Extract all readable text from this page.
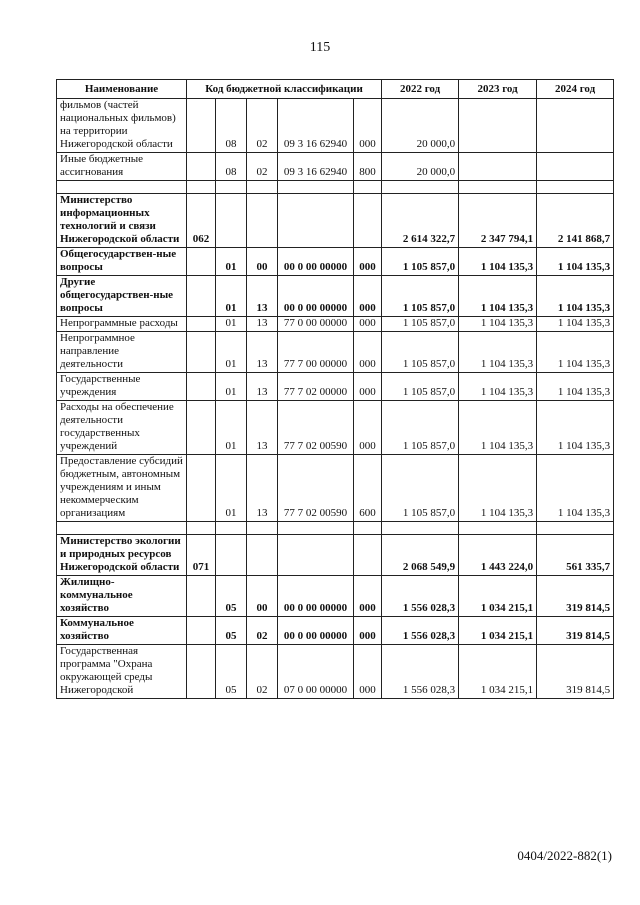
115
Наименование	Код бюджетной классификации					2022 год	2023 год	2024 год
фильмов (частей национальных фильмов) на территории Нижегородской области		08	02	09 3 16 62940	000	20 000,0		
Иные бюджетные ассигнования		08	02	09 3 16 62940	800	20 000,0		

Министерство информационных технологий и связи Нижегородской области	062					2 614 322,7	2 347 794,1	2 141 868,7
Общегосударствен-ные вопросы		01	00	00 0 00 00000	000	1 105 857,0	1 104 135,3	1 104 135,3
Другие общегосударствен-ные вопросы		01	13	00 0 00 00000	000	1 105 857,0	1 104 135,3	1 104 135,3
Непрограммные расходы		01	13	77 0 00 00000	000	1 105 857,0	1 104 135,3	1 104 135,3
Непрограммное направление деятельности		01	13	77 7 00 00000	000	1 105 857,0	1 104 135,3	1 104 135,3
Государственные учреждения		01	13	77 7 02 00000	000	1 105 857,0	1 104 135,3	1 104 135,3
Расходы на обеспечение деятельности государственных учреждений		01	13	77 7 02 00590	000	1 105 857,0	1 104 135,3	1 104 135,3
Предоставление субсидий бюджетным, автономным учреждениям и иным некоммерческим организациям		01	13	77 7 02 00590	600	1 105 857,0	1 104 135,3	1 104 135,3

Министерство экологии и природных ресурсов Нижегородской области	071					2 068 549,9	1 443 224,0	561 335,7
Жилищно-коммунальное хозяйство		05	00	00 0 00 00000	000	1 556 028,3	1 034 215,1	319 814,5
Коммунальное хозяйство		05	02	00 0 00 00000	000	1 556 028,3	1 034 215,1	319 814,5
Государственная программа "Охрана окружающей среды Нижегородской		05	02	07 0 00 00000	000	1 556 028,3	1 034 215,1	319 814,5
0404/2022-882(1)
